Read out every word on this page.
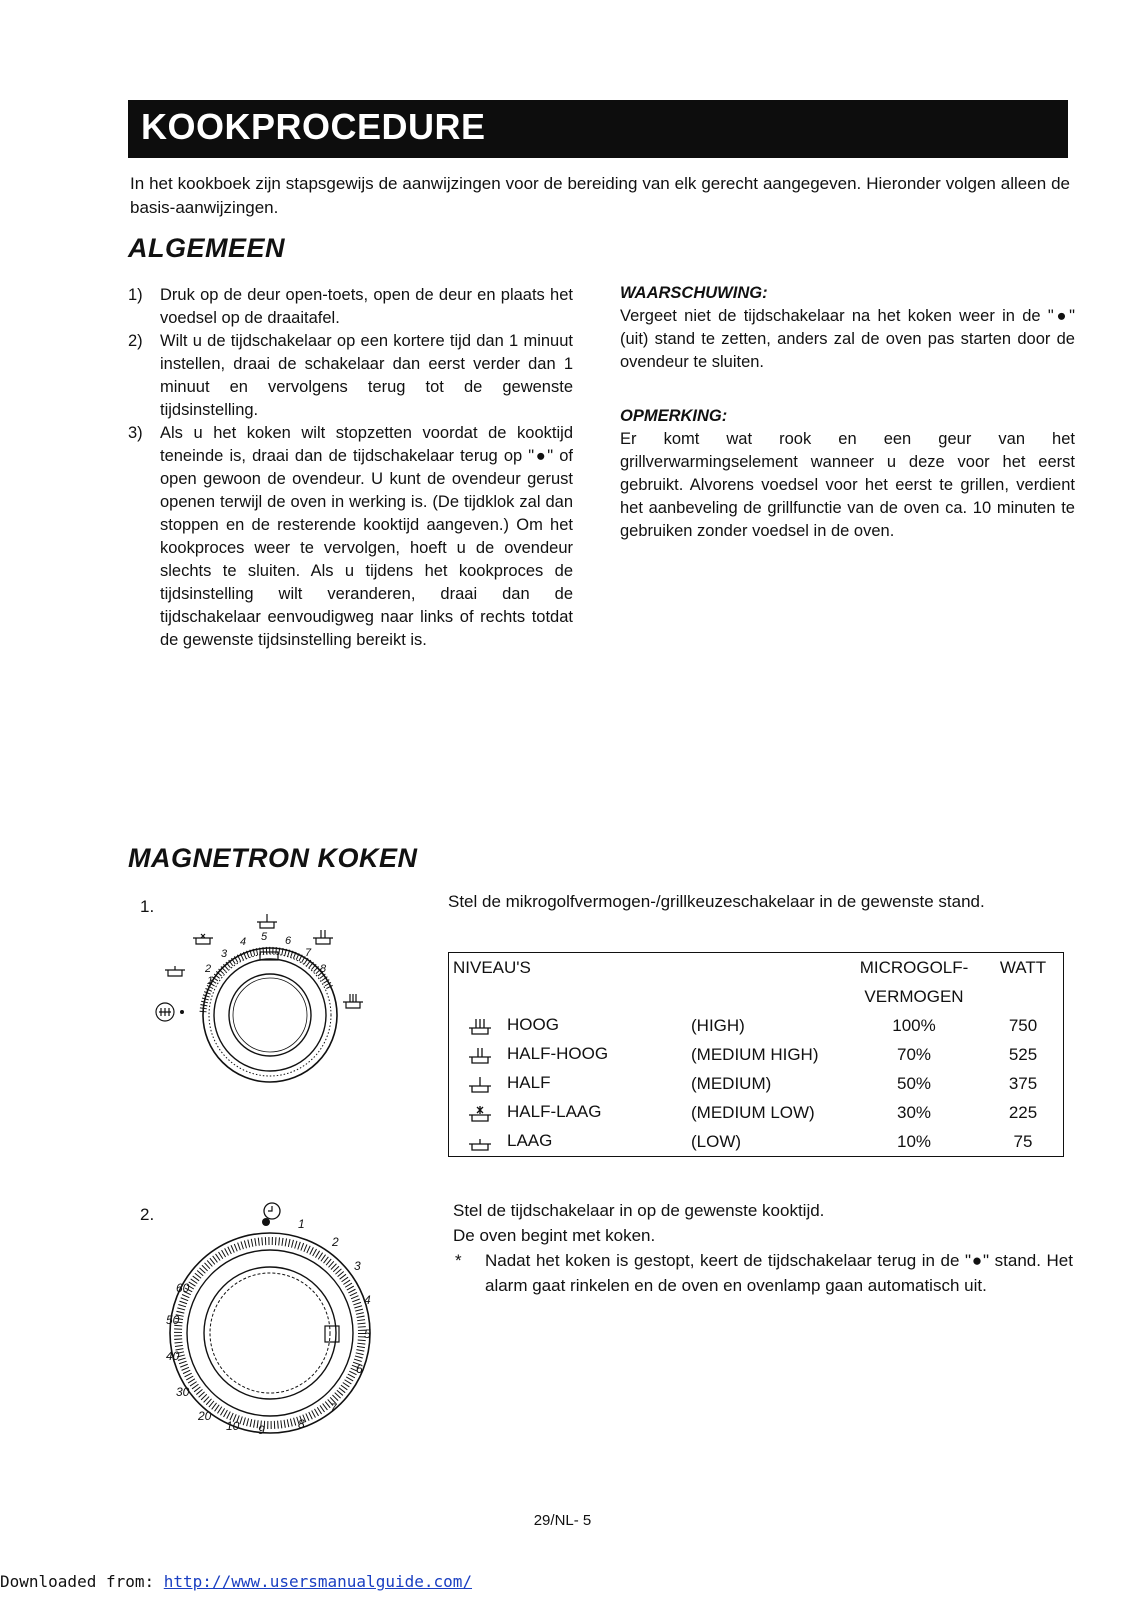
KOOKPROCEDURE
In het kookboek zijn stapsgewijs de aanwijzingen voor de bereiding van elk gerecht aangegeven. Hieronder volgen alleen de basis-aanwijzingen.
ALGEMEEN
1) Druk op de deur open-toets, open de deur en plaats het voedsel op de draaitafel.
2) Wilt u de tijdschakelaar op een kortere tijd dan 1 minuut instellen, draai de schakelaar dan eerst verder dan 1 minuut en vervolgens terug tot de gewenste tijdsinstelling.
3) Als u het koken wilt stopzetten voordat de kooktijd teneinde is, draai dan de tijdschakelaar terug op "●" of open gewoon de ovendeur. U kunt de ovendeur gerust openen terwijl de oven in werking is. (De tijdklok zal dan stoppen en de resterende kooktijd aangeven.) Om het kookproces weer te vervolgen, hoeft u de ovendeur slechts te sluiten. Als u tijdens het kookproces de tijdsinstelling wilt veranderen, draai dan de tijdschakelaar eenvoudigweg naar links of rechts totdat de gewenste tijdsinstelling bereikt is.
WAARSCHUWING:
Vergeet niet de tijdschakelaar na het koken weer in de "●" (uit) stand te zetten, anders zal de oven pas starten door de ovendeur te sluiten.
OPMERKING:
Er komt wat rook en een geur van het grillverwarmingselement wanneer u deze voor het eerst gebruikt. Alvorens voedsel voor het eerst te grillen, verdient het aanbeveling de grillfunctie van de oven ca. 10 minuten te gebruiken zonder voedsel in de oven.
MAGNETRON KOKEN
1.
2
1
3
4 5 6
7
8
Stel de mikrogolfvermogen-/grillkeuzeschakelaar in de gewenste stand.
NIVEAU'S		MICROGOLF-	WATT
		VERMOGEN	
HOOG	(HIGH)	100%	750
HALF-HOOG	(MEDIUM HIGH)	70%	525
HALF	(MEDIUM)	50%	375
HALF-LAAG	(MEDIUM LOW)	30%	225
LAAG	(LOW)	10%	75
2.	1
2
3
4
5
6
7
8
9
10
20
30
40
50
60
Stel de tijdschakelaar in op de gewenste kooktijd.
De oven begint met koken.
* Nadat het koken is gestopt, keert de tijdschakelaar terug in de "●" stand. Het alarm gaat rinkelen en de oven en ovenlamp gaan automatisch uit.
29/NL- 5
Downloaded from: http://www.usersmanualguide.com/
